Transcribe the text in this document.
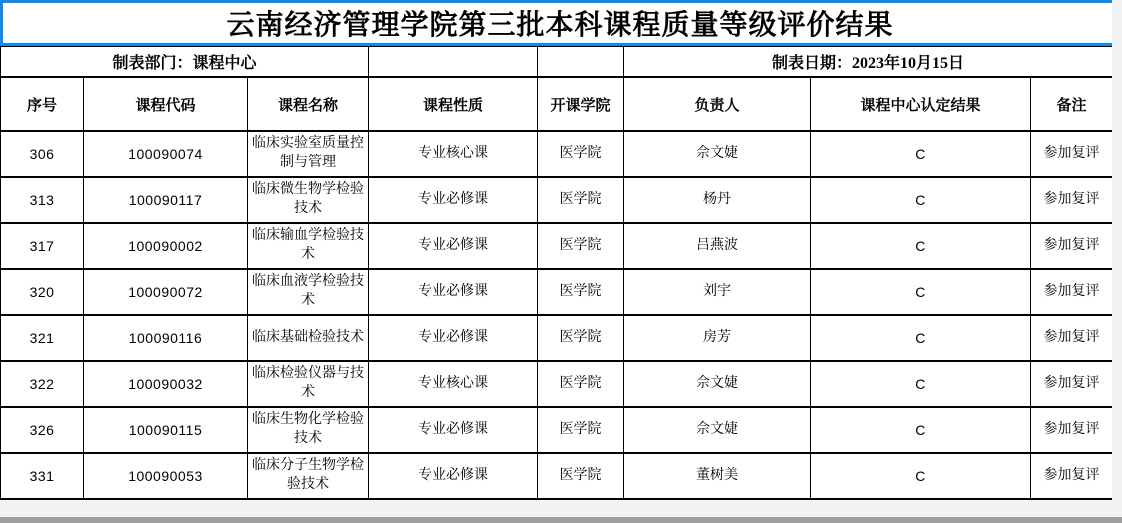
云南经济管理学院第三批本科课程质量等级评价结果
制表部门：课程中心					制表日期：2023年10月15日		
序号	课程代码	课程名称	课程性质	开课学院	负责人	课程中心认定结果	备注
306	100090074	临床实验室质量控制与管理	专业核心课	医学院	佘文婕	C	参加复评
313	100090117	临床微生物学检验技术	专业必修课	医学院	杨丹	C	参加复评
317	100090002	临床输血学检验技术	专业必修课	医学院	吕燕波	C	参加复评
320	100090072	临床血液学检验技术	专业必修课	医学院	刘宇	C	参加复评
321	100090116	临床基础检验技术	专业必修课	医学院	房芳	C	参加复评
322	100090032	临床检验仪器与技术	专业核心课	医学院	佘文婕	C	参加复评
326	100090115	临床生物化学检验技术	专业必修课	医学院	佘文婕	C	参加复评
331	100090053	临床分子生物学检验技术	专业必修课	医学院	董树美	C	参加复评
